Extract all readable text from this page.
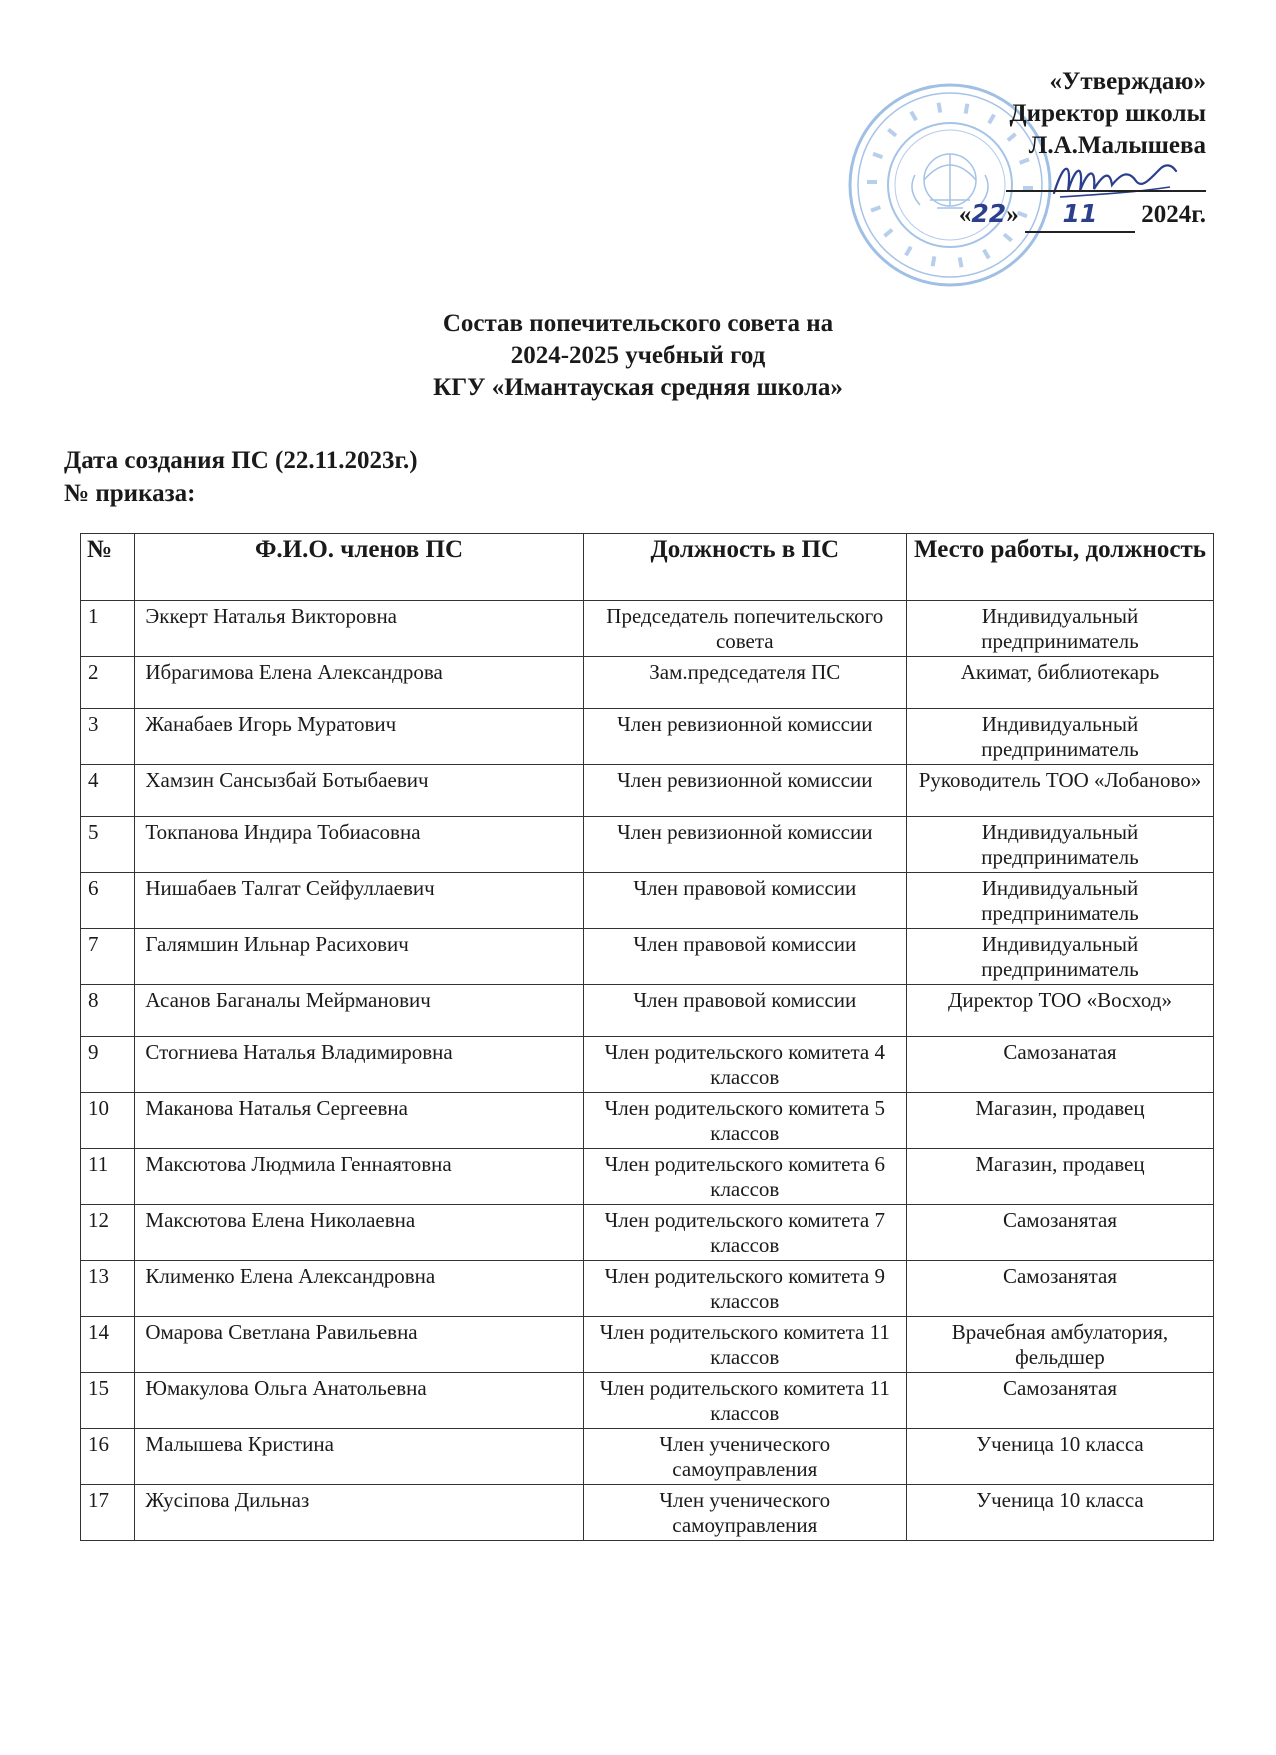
«Утверждаю»
Директор школы
Л.А.Малышева
«22» 11 2024г.
Состав попечительского совета на
2024-2025 учебный год
КГУ «Имантауская средняя школа»
Дата создания ПС (22.11.2023г.)
№ приказа:
№	Ф.И.О. членов ПС	Должность в ПС	Место работы, должность
1	Эккерт Наталья Викторовна	Председатель попечительского совета	Индивидуальный предприниматель
2	Ибрагимова Елена Александрова	Зам.председателя ПС	Акимат, библиотекарь
3	Жанабаев Игорь Муратович	Член ревизионной комиссии	Индивидуальный предприниматель
4	Хамзин Сансызбай Ботыбаевич	Член ревизионной комиссии	Руководитель ТОО «Лобаново»
5	Токпанова Индира Тобиасовна	Член ревизионной комиссии	Индивидуальный предприниматель
6	Нишабаев Талгат Сейфуллаевич	Член правовой комиссии	Индивидуальный предприниматель
7	Галямшин Ильнар Расихович	Член правовой комиссии	Индивидуальный предприниматель
8	Асанов Баганалы Мейрманович	Член правовой комиссии	Директор ТОО «Восход»
9	Стогниева Наталья Владимировна	Член родительского комитета 4 классов	Самозанатая
10	Маканова Наталья Сергеевна	Член родительского комитета 5 классов	Магазин, продавец
11	Максютова Людмила Геннаятовна	Член родительского комитета 6 классов	Магазин, продавец
12	Максютова Елена Николаевна	Член родительского комитета 7 классов	Самозанятая
13	Клименко Елена Александровна	Член родительского комитета 9 классов	Самозанятая
14	Омарова Светлана Равильевна	Член родительского комитета 11 классов	Врачебная амбулатория, фельдшер
15	Юмакулова Ольга Анатольевна	Член родительского комитета 11 классов	Самозанятая
16	Малышева Кристина	Член ученического самоуправления	Ученица 10 класса
17	Жусіпова Дильназ	Член ученического самоуправления	Ученица 10 класса
